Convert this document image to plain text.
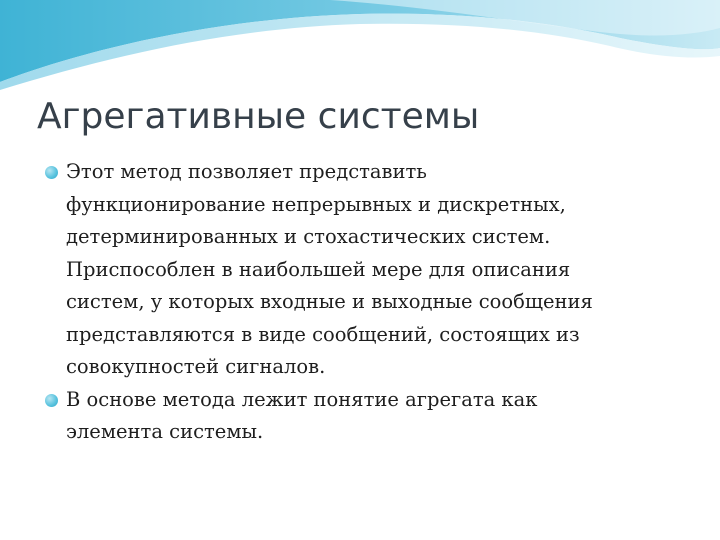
Агрегативные системы
Этот метод позволяет представить
функционирование непрерывных и дискретных,
детерминированных и стохастических систем.
Приспособлен в наибольшей мере для описания
систем, у которых входные и выходные сообщения
представляются в виде сообщений, состоящих из
совокупностей сигналов.
В основе метода лежит понятие агрегата как
элемента системы.
